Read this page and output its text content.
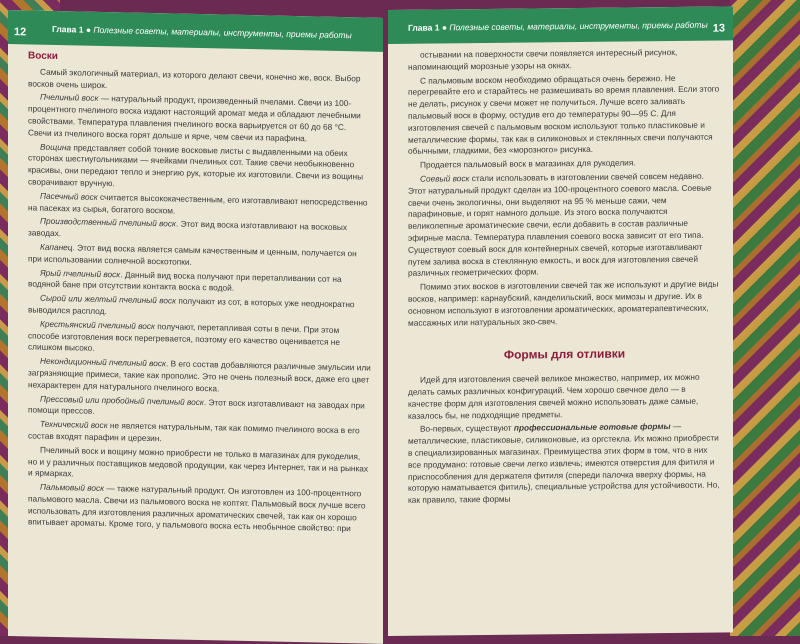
12	Глава 1 ● Полезные советы, материалы, инструменты, приемы работы
Воски

Самый экологичный материал, из которого делают свечи, конечно же, воск. Выбор восков очень широк.

Пчелиный воск — натуральный продукт, произведенный пчелами. Свечи из 100-процентного пчелиного воска издают настоящий аромат меда и обладают лечебными свойствами. Температура плавления пчелиного воска варьируется от 60 до 68 °С. Свечи из пчелиного воска горят дольше и ярче, чем свечи из парафина.

Вощина представляет собой тонкие восковые листы с выдавленными на обеих сторонах шестиугольниками — ячейками пчелиных сот. Такие свечи необыкновенно красивы, они передают тепло и энергию рук, которые их изготовили. Свечи из вощины сворачивают вручную.

Пасечный воск считается высококачественным, его изготавливают непосредственно на пасеках из сырья, богатого воском.

Производственный пчелиный воск. Этот вид воска изготавливают на восковых заводах.

Капанец. Этот вид воска является самым качественным и ценным, получается он при использовании солнечной воскотопки.

Ярый пчелиный воск. Данный вид воска получают при перетапливании сот на водяной бане при отсутствии контакта воска с водой.

Сырой или желтый пчелиный воск получают из сот, в которых уже неоднократно выводился расплод.

Крестьянский пчелиный воск получают, перетапливая соты в печи. При этом способе изготовления воск перегревается, поэтому его качество оценивается не слишком высоко.

Некондиционный пчелиный воск. В его состав добавляются различные эмульсии или загрязняющие примеси, такие как прополис. Это не очень полезный воск, даже его цвет нехарактерен для натурального пчелиного воска.

Прессовый или пробойный пчелиный воск. Этот воск изготавливают на заводах при помощи прессов.

Технический воск не является натуральным, так как помимо пчелиного воска в его состав входят парафин и церезин.

Пчелиный воск и вощину можно приобрести не только в магазинах для рукоделия, но и у различных поставщиков медовой продукции, как через Интернет, так и на рынках и ярмарках.

Пальмовый воск — также натуральный продукт. Он изготовлен из 100-процентного пальмового масла. Свечи из пальмового воска не коптят. Пальмовый воск лучше всего использовать для изготовления различных ароматических свечей, так как он хорошо впитывает ароматы. Кроме того, у пальмового воска есть необычное свойство: при

Глава 1 ● Полезные советы, материалы, инструменты, приемы работы 13

остывании на поверхности свечи появляется интересный рисунок, напоминающий морозные узоры на окнах.

С пальмовым воском необходимо обращаться очень бережно. Не перегревайте его и старайтесь не размешивать во время плавления. Если этого не делать, рисунок у свечи может не получиться. Лучше всего заливать пальмовый воск в форму, остудив его до температуры 90—95 С. Для изготовления свечей с пальмовым воском используют только пластиковые и металлические формы, так как в силиконовых и стеклянных свечи получаются обычными, гладкими, без «морозного» рисунка.

Продается пальмовый воск в магазинах для рукоделия.

Соевый воск стали использовать в изготовлении свечей совсем недавно. Этот натуральный продукт сделан из 100-процентного соевого масла. Соевые свечи очень экологичны, они выделяют на 95 % меньше сажи, чем парафиновые, и горят намного дольше. Из этого воска получаются великолепные ароматические свечи, если добавить в состав различные эфирные масла. Температура плавления соевого воска зависит от его типа. Существуют соевый воск для контейнерных свечей, которые изготавливают путем залива воска в стеклянную емкость, и воск для изготовления свечей различных геометрических форм.

Помимо этих восков в изготовлении свечей так же используют и другие виды восков, например: карнаубский, канделильский, воск мимозы и другие. Их в основном используют в изготовлении ароматических, ароматерапевтических, массажных или натуральных эко-свеч.

Формы для отливки

Идей для изготовления свечей великое множество, например, их можно делать самых различных конфигураций. Чем хорошо свечное дело — в качестве форм для изготовления свечей можно использовать даже самые, казалось бы, не подходящие предметы.

Во-первых, существуют профессиональные готовые формы — металлические, пластиковые, силиконовые, из оргстекла. Их можно приобрести в специализированных магазинах. Преимущества этих форм в том, что в них все продумано: готовые свечи легко извлечь; имеются отверстия для фитиля и приспособления для держателя фитиля (спереди палочка вверху формы, на которую наматывается фитиль), специальные устройства для устойчивости. Но, как правило, такие формы
